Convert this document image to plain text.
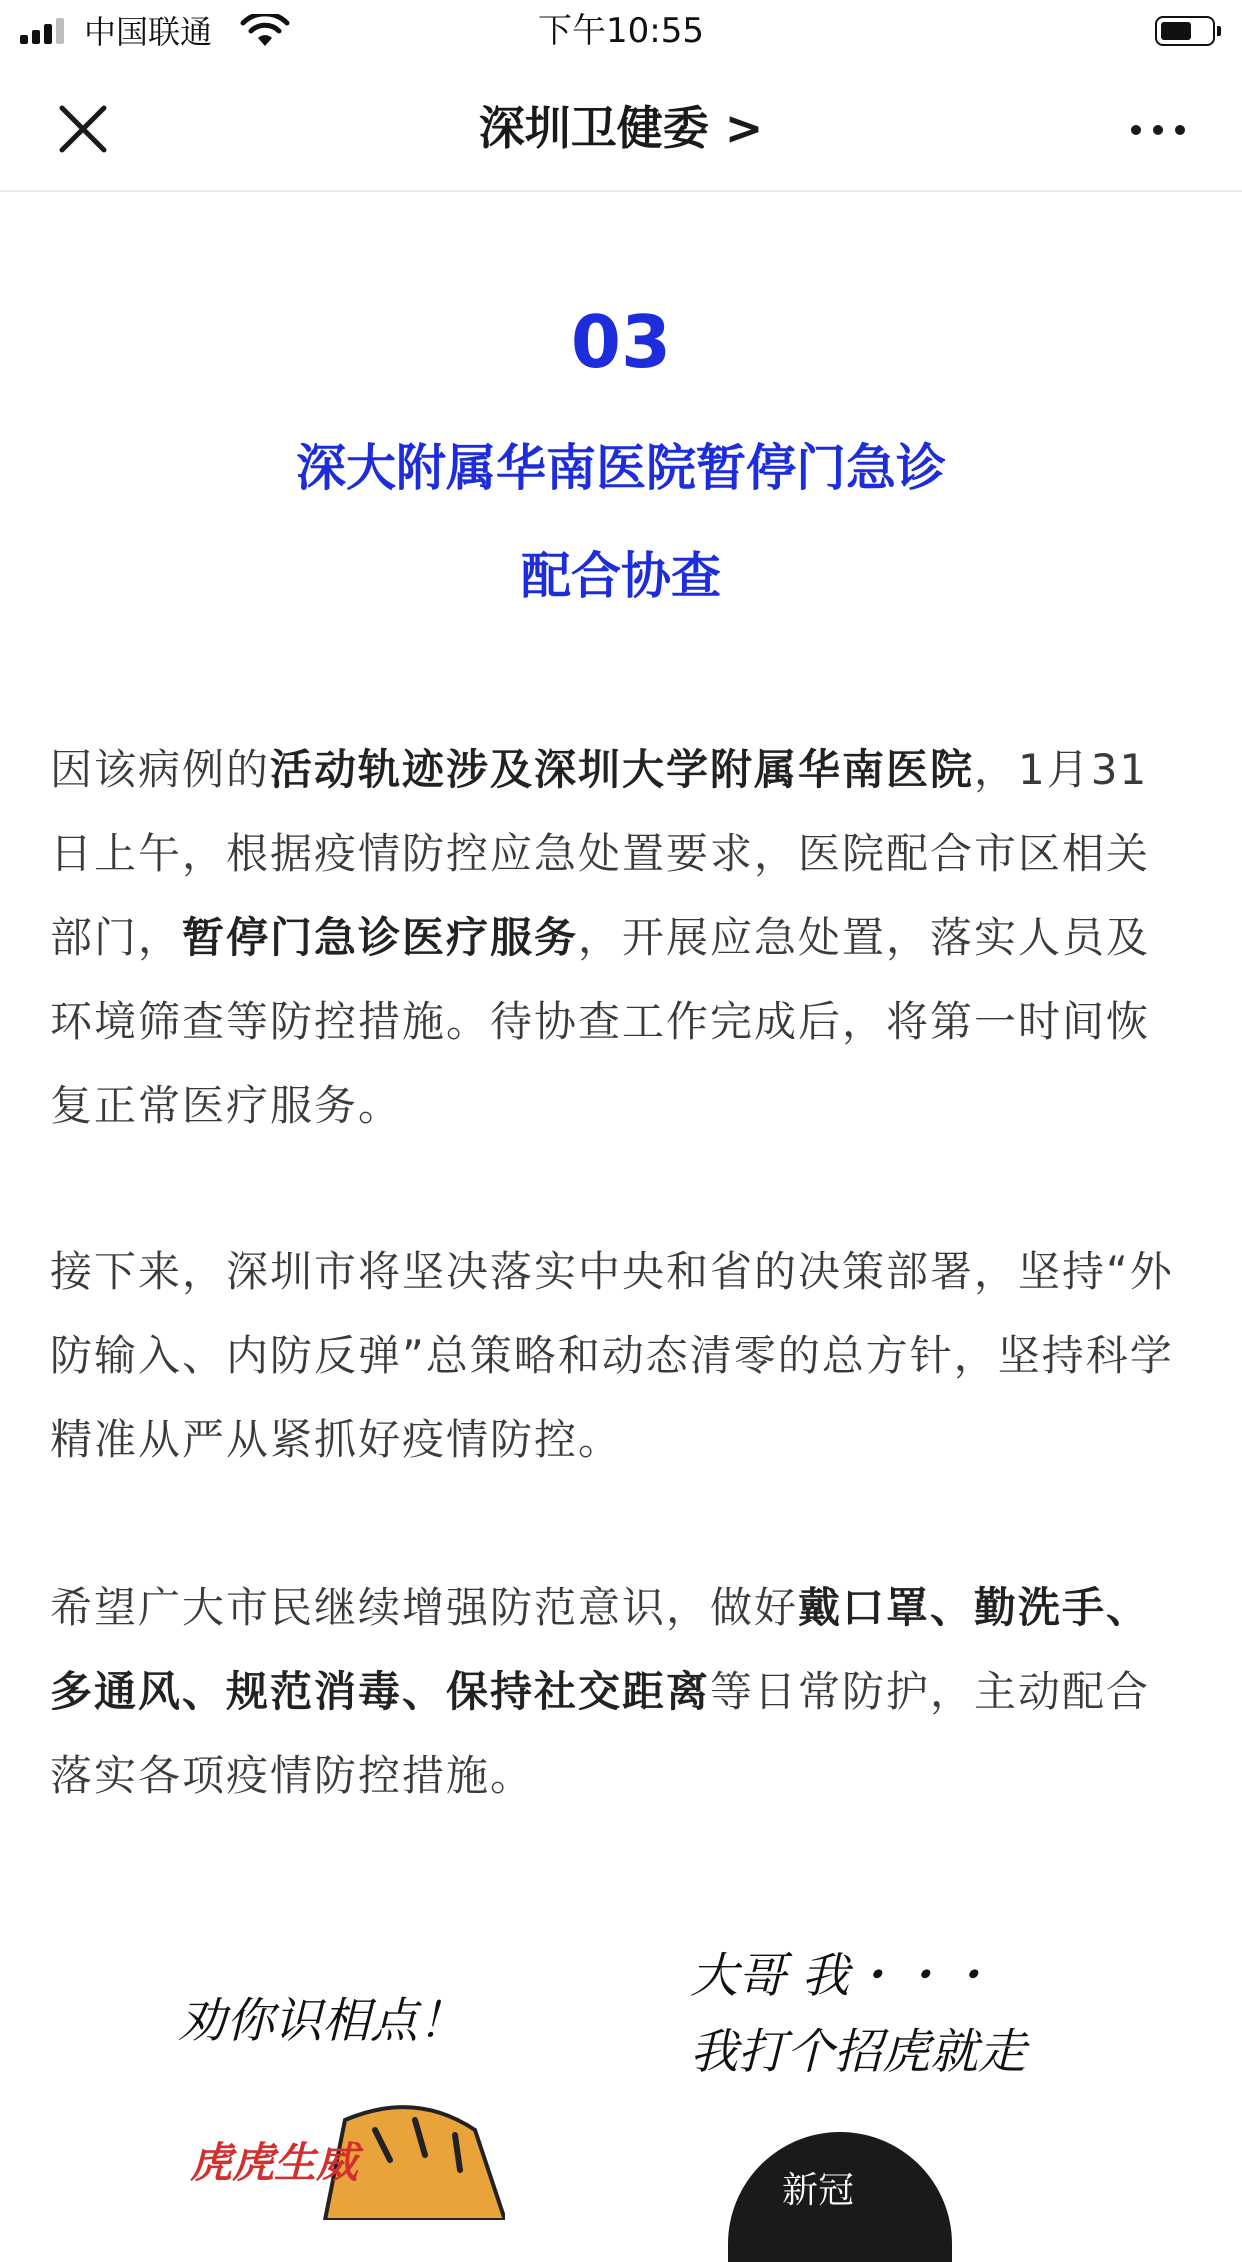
中国联通	下午10:55
深圳卫健委 >
03
深大附属华南医院暂停门急诊
配合协查

因该病例的活动轨迹涉及深圳大学附属华南医院，1月31日上午，根据疫情防控应急处置要求，医院配合市区相关部门，暂停门急诊医疗服务，开展应急处置，落实人员及环境筛查等防控措施。待协查工作完成后，将第一时间恢复正常医疗服务。

接下来，深圳市将坚决落实中央和省的决策部署，坚持“外防输入、内防反弹”总策略和动态清零的总方针，坚持科学精准从严从紧抓好疫情防控。

希望广大市民继续增强防范意识，做好戴口罩、勤洗手、多通风、规范消毒、保持社交距离等日常防护，主动配合落实各项疫情防控措施。

劝你识相点！
大哥 我・・・
我打个招虎就走
虎虎生威
新冠
